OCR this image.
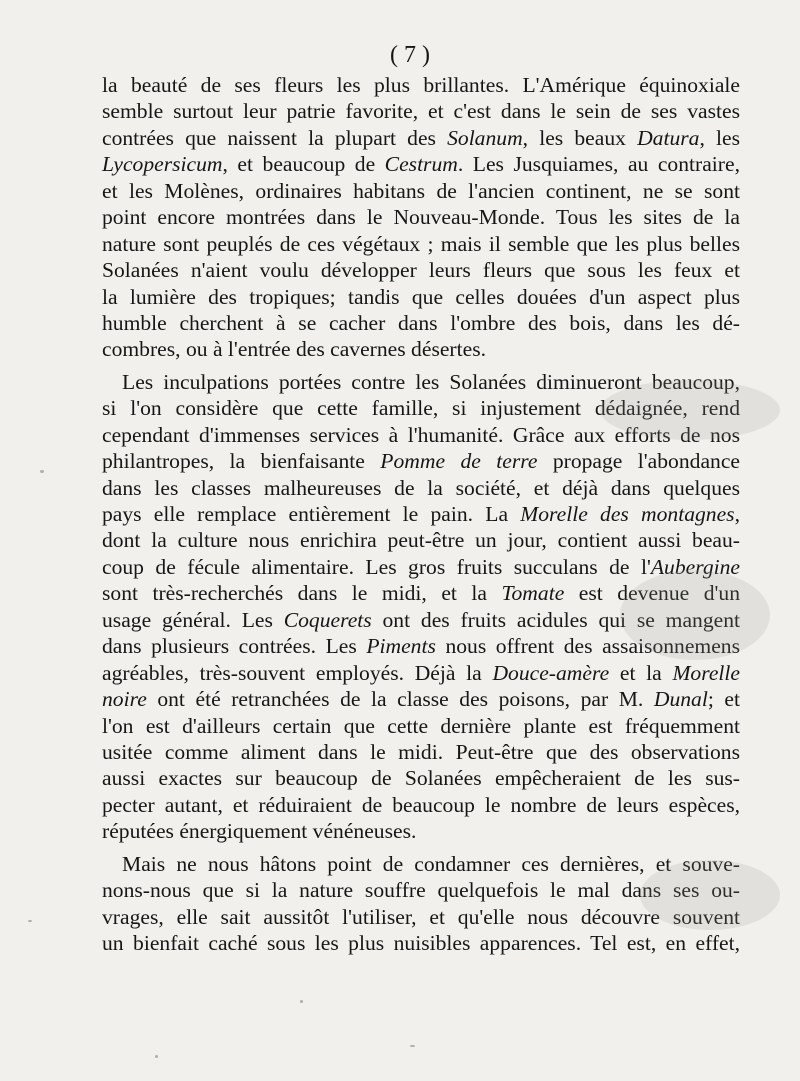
( 7 )
la beauté de ses fleurs les plus brillantes. L'Amérique équinoxiale
semble surtout leur patrie favorite, et c'est dans le sein de ses vastes
contrées que naissent la plupart des Solanum, les beaux Datura, les
Lycopersicum, et beaucoup de Cestrum. Les Jusquiames, au contraire,
et les Molènes, ordinaires habitans de l'ancien continent, ne se sont
point encore montrées dans le Nouveau-Monde. Tous les sites de la
nature sont peuplés de ces végétaux ; mais il semble que les plus belles
Solanées n'aient voulu développer leurs fleurs que sous les feux et
la lumière des tropiques; tandis que celles douées d'un aspect plus
humble cherchent à se cacher dans l'ombre des bois, dans les dé-
combres, ou à l'entrée des cavernes désertes.
Les inculpations portées contre les Solanées diminueront beaucoup,
si l'on considère que cette famille, si injustement dédaignée, rend
cependant d'immenses services à l'humanité. Grâce aux efforts de nos
philantropes, la bienfaisante Pomme de terre propage l'abondance
dans les classes malheureuses de la société, et déjà dans quelques
pays elle remplace entièrement le pain. La Morelle des montagnes,
dont la culture nous enrichira peut-être un jour, contient aussi beau-
coup de fécule alimentaire. Les gros fruits succulans de l'Aubergine
sont très-recherchés dans le midi, et la Tomate est devenue d'un
usage général. Les Coquerets ont des fruits acidules qui se mangent
dans plusieurs contrées. Les Piments nous offrent des assaisonnemens
agréables, très-souvent employés. Déjà la Douce-amère et la Morelle
noire ont été retranchées de la classe des poisons, par M. Dunal; et
l'on est d'ailleurs certain que cette dernière plante est fréquemment
usitée comme aliment dans le midi. Peut-être que des observations
aussi exactes sur beaucoup de Solanées empêcheraient de les sus-
pecter autant, et réduiraient de beaucoup le nombre de leurs espèces,
réputées énergiquement vénéneuses.
Mais ne nous hâtons point de condamner ces dernières, et souve-
nons-nous que si la nature souffre quelquefois le mal dans ses ou-
vrages, elle sait aussitôt l'utiliser, et qu'elle nous découvre souvent
un bienfait caché sous les plus nuisibles apparences. Tel est, en effet,
